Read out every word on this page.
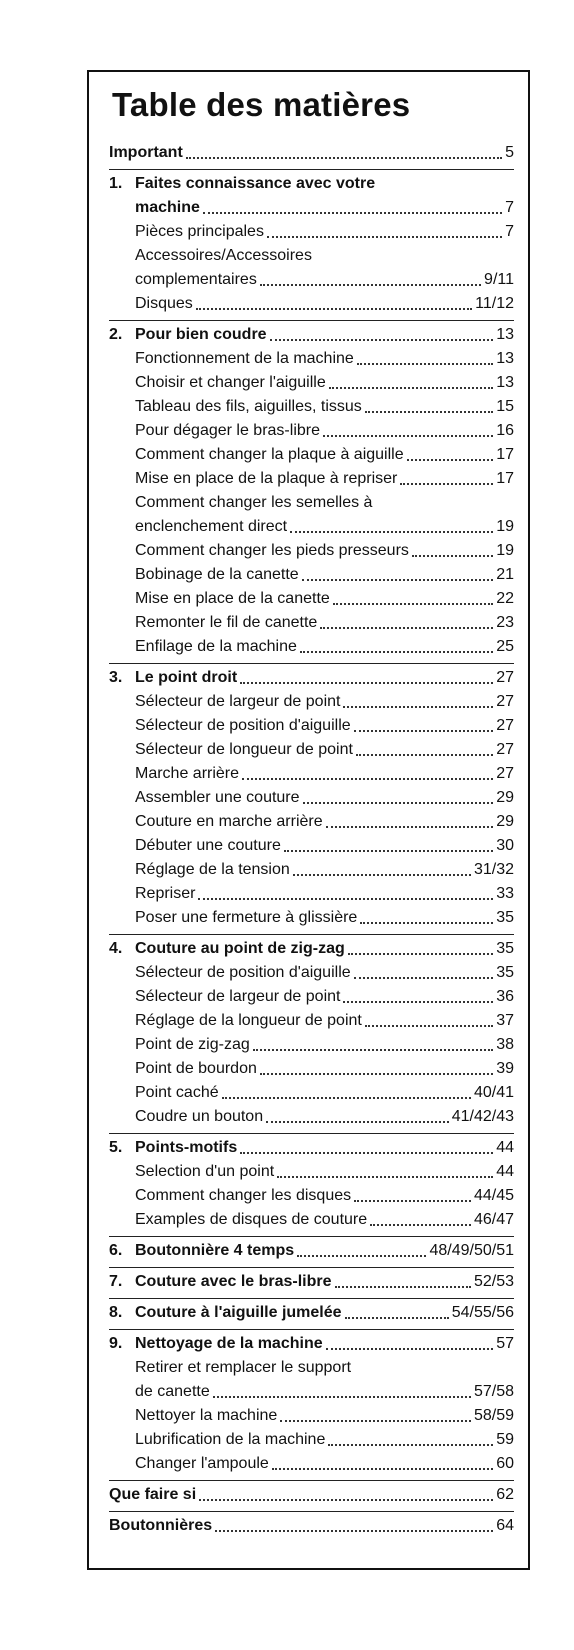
Table des matières
Important	5
1. Faites connaissance avec votre
machine	7
Pièces principales	7
Accessoires/Accessoires
complementaires	9/11
Disques	11/12
2. Pour bien coudre	13
Fonctionnement de la machine	13
Choisir et changer l'aiguille	13
Tableau des fils, aiguilles, tissus	15
Pour dégager le bras-libre	16
Comment changer la plaque à aiguille	17
Mise en place de la plaque à repriser	17
Comment changer les semelles à
enclenchement direct	19
Comment changer les pieds presseurs	19
Bobinage de la canette	21
Mise en place de la canette	22
Remonter le fil de canette	23
Enfilage de la machine	25
3. Le point droit	27
Sélecteur de largeur de point	27
Sélecteur de position d'aiguille	27
Sélecteur de longueur de point	27
Marche arrière	27
Assembler une couture	29
Couture en marche arrière	29
Débuter une couture	30
Réglage de la tension	31/32
Repriser	33
Poser une fermeture à glissière	35
4. Couture au point de zig-zag	35
Sélecteur de position d'aiguille	35
Sélecteur de largeur de point	36
Réglage de la longueur de point	37
Point de zig-zag	38
Point de bourdon	39
Point caché	40/41
Coudre un bouton	41/42/43
5. Points-motifs	44
Selection d'un point	44
Comment changer les disques	44/45
Examples de disques de couture	46/47
6. Boutonnière 4 temps	48/49/50/51
7. Couture avec le bras-libre	52/53
8. Couture à l'aiguille jumelée	54/55/56
9. Nettoyage de la machine	57
Retirer et remplacer le support
de canette	57/58
Nettoyer la machine	58/59
Lubrification de la machine	59
Changer l'ampoule	60
Que faire si	62
Boutonnières	64
